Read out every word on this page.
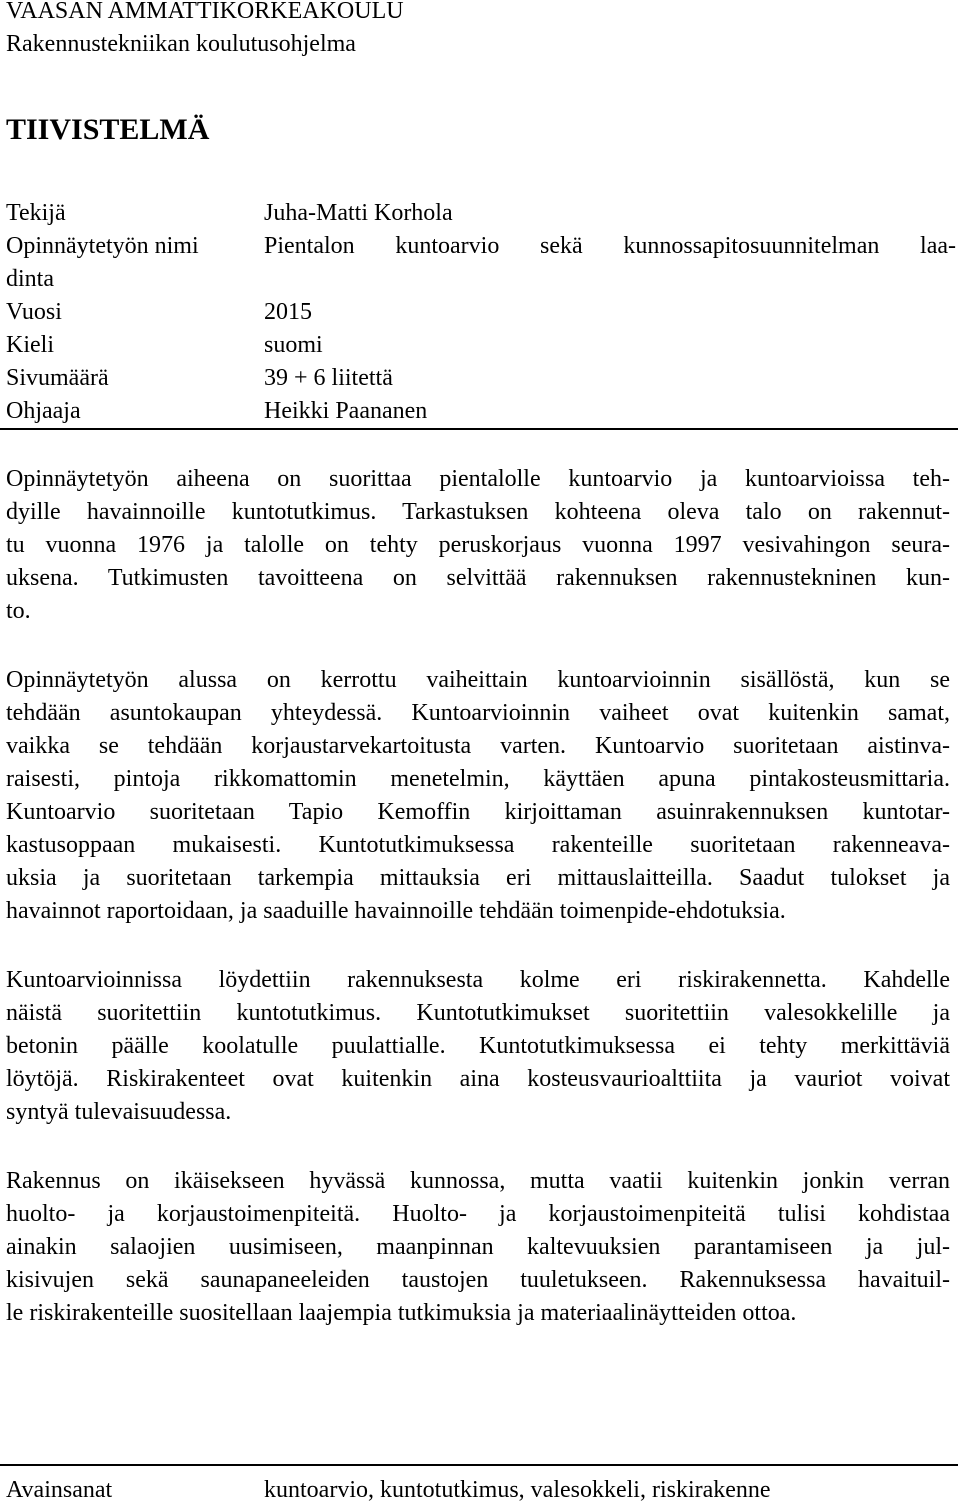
VAASAN AMMATTIKORKEAKOULU
Rakennustekniikan koulutusohjelma
TIIVISTELMÄ
Tekijä	Juha-Matti Korhola
Opinnäytetyön nimi	Pientalon kuntoarvio sekä kunnossapitosuunnitelman laa-
dinta
Vuosi	2015
Kieli	suomi
Sivumäärä	39 + 6 liitettä
Ohjaaja	Heikki Paananen

Opinnäytetyön aiheena on suorittaa pientalolle kuntoarvio ja kuntoarvioissa teh-
dyille havainnoille kuntotutkimus. Tarkastuksen kohteena oleva talo on rakennut-
tu vuonna 1976 ja talolle on tehty peruskorjaus vuonna 1997 vesivahingon seura-
uksena. Tutkimusten tavoitteena on selvittää rakennuksen rakennustekninen kun-
to.

Opinnäytetyön alussa on kerrottu vaiheittain kuntoarvioinnin sisällöstä, kun se
tehdään asuntokaupan yhteydessä. Kuntoarvioinnin vaiheet ovat kuitenkin samat,
vaikka se tehdään korjaustarvekartoitusta varten. Kuntoarvio suoritetaan aistinva-
raisesti, pintoja rikkomattomin menetelmin, käyttäen apuna pintakosteusmittaria.
Kuntoarvio suoritetaan Tapio Kemoffin kirjoittaman asuinrakennuksen kuntotar-
kastusoppaan mukaisesti. Kuntotutkimuksessa rakenteille suoritetaan rakenneava-
uksia ja suoritetaan tarkempia mittauksia eri mittauslaitteilla. Saadut tulokset ja
havainnot raportoidaan, ja saaduille havainnoille tehdään toimenpide-ehdotuksia.

Kuntoarvioinnissa löydettiin rakennuksesta kolme eri riskirakennetta. Kahdelle
näistä suoritettiin kuntotutkimus. Kuntotutkimukset suoritettiin valesokkelille ja
betonin päälle koolatulle puulattialle. Kuntotutkimuksessa ei tehty merkittäviä
löytöjä. Riskirakenteet ovat kuitenkin aina kosteusvaurioalttiita ja vauriot voivat
syntyä tulevaisuudessa.

Rakennus on ikäisekseen hyvässä kunnossa, mutta vaatii kuitenkin jonkin verran
huolto- ja korjaustoimenpiteitä. Huolto- ja korjaustoimenpiteitä tulisi kohdistaa
ainakin salaojien uusimiseen, maanpinnan kaltevuuksien parantamiseen ja jul-
kisivujen sekä saunapaneeleiden taustojen tuuletukseen. Rakennuksessa havaituil-
le riskirakenteille suositellaan laajempia tutkimuksia ja materiaalinäytteiden ottoa.

Avainsanat	kuntoarvio, kuntotutkimus, valesokkeli, riskirakenne
